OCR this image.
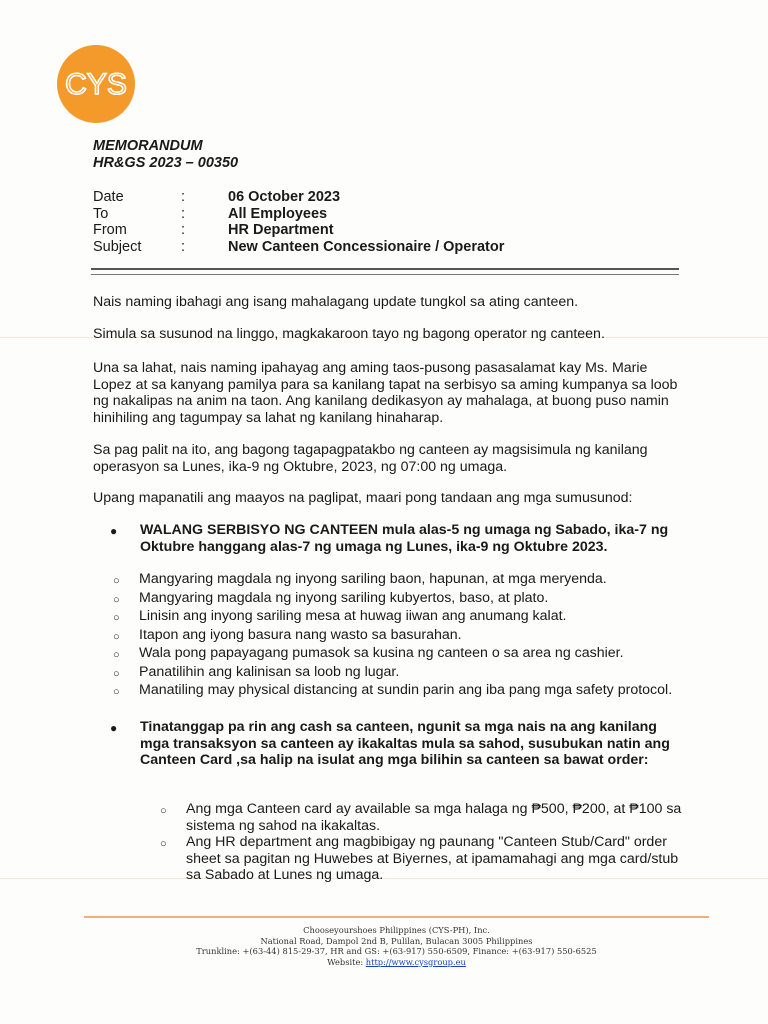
CYS
MEMORANDUM
HR&GS 2023 – 00350
Date	:	06 October 2023
To	:	All Employees
From	:	HR Department
Subject	:	New Canteen Concessionaire / Operator
Nais naming ibahagi ang isang mahalagang update tungkol sa ating canteen.
Simula sa susunod na linggo, magkakaroon tayo ng bagong operator ng canteen.
Una sa lahat, nais naming ipahayag ang aming taos-pusong pasasalamat kay Ms. Marie Lopez at sa kanyang pamilya para sa kanilang tapat na serbisyo sa aming kumpanya sa loob ng nakalipas na anim na taon. Ang kanilang dedikasyon ay mahalaga, at buong puso namin hinihiling ang tagumpay sa lahat ng kanilang hinaharap.
Sa pag palit na ito, ang bagong tagapagpatakbo ng canteen ay magsisimula ng kanilang operasyon sa Lunes, ika-9 ng Oktubre, 2023, ng 07:00 ng umaga.
Upang mapanatili ang maayos na paglipat, maari pong tandaan ang mga sumusunod:
●	WALANG SERBISYO NG CANTEEN mula alas-5 ng umaga ng Sabado, ika-7 ng Oktubre hanggang alas-7 ng umaga ng Lunes, ika-9 ng Oktubre 2023.
○	Mangyaring magdala ng inyong sariling baon, hapunan, at mga meryenda.
○	Mangyaring magdala ng inyong sariling kubyertos, baso, at plato.
○	Linisin ang inyong sariling mesa at huwag iiwan ang anumang kalat.
○	Itapon ang iyong basura nang wasto sa basurahan.
○	Wala pong papayagang pumasok sa kusina ng canteen o sa area ng cashier.
○	Panatilihin ang kalinisan sa loob ng lugar.
○	Manatiling may physical distancing at sundin parin ang iba pang mga safety protocol.
●	Tinatanggap pa rin ang cash sa canteen, ngunit sa mga nais na ang kanilang mga transaksyon sa canteen ay ikakaltas mula sa sahod, susubukan natin ang Canteen Card ,sa halip na isulat ang mga bilihin sa canteen sa bawat order:
○	Ang mga Canteen card ay available sa mga halaga ng ₱500, ₱200, at ₱100 sa sistema ng sahod na ikakaltas.
○	Ang HR department ang magbibigay ng paunang "Canteen Stub/Card" order sheet sa pagitan ng Huwebes at Biyernes, at ipamamahagi ang mga card/stub sa Sabado at Lunes ng umaga.
Chooseyourshoes Philippines (CYS-PH), Inc.
National Road, Dampol 2nd B, Pulilan, Bulacan 3005 Philippines
Trunkline: +(63-44) 815-29-37, HR and GS: +(63-917) 550-6509, Finance: +(63-917) 550-6525
Website: http://www.cysgroup.eu
